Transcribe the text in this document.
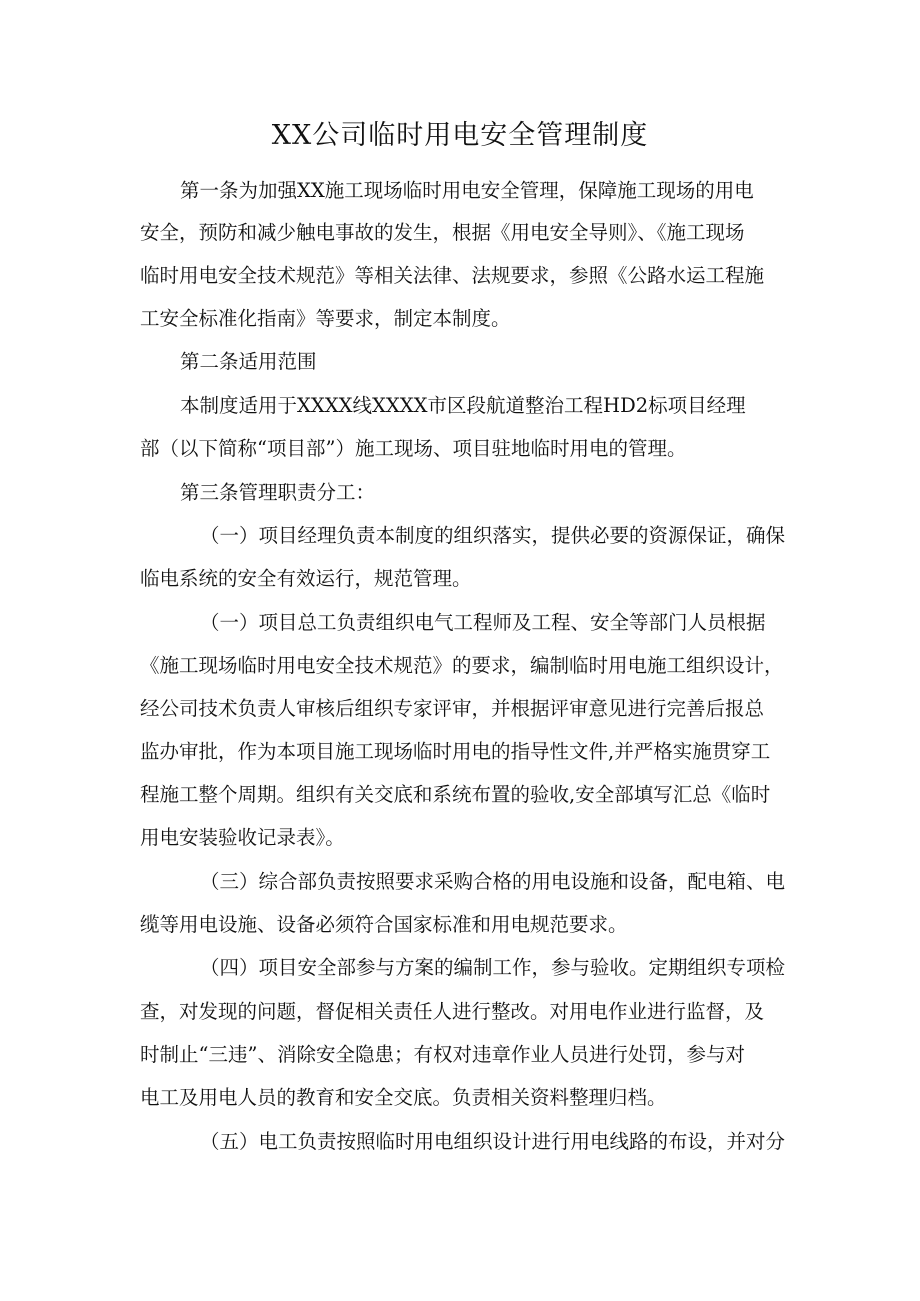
XX公司临时用电安全管理制度

第一条为加强XX施工现场临时用电安全管理，保障施工现场的用电

安全，预防和减少触电事故的发生，根据《用电安全导则》、《施工现场

临时用电安全技术规范》等相关法律、法规要求，参照《公路水运工程施

工安全标准化指南》等要求，制定本制度。

第二条适用范围

本制度适用于XXXX线XXXX市区段航道整治工程HD2标项目经理

部（以下简称“项目部”）施工现场、项目驻地临时用电的管理。

第三条管理职责分工：

（一）项目经理负责本制度的组织落实，提供必要的资源保证，确保

临电系统的安全有效运行，规范管理。

（一）项目总工负责组织电气工程师及工程、安全等部门人员根据

《施工现场临时用电安全技术规范》的要求，编制临时用电施工组织设计，

经公司技术负责人审核后组织专家评审，并根据评审意见进行完善后报总

监办审批，作为本项目施工现场临时用电的指导性文件,并严格实施贯穿工

程施工整个周期。组织有关交底和系统布置的验收,安全部填写汇总《临时

用电安装验收记录表》。

（三）综合部负责按照要求采购合格的用电设施和设备，配电箱、电

缆等用电设施、设备必须符合国家标准和用电规范要求。

（四）项目安全部参与方案的编制工作，参与验收。定期组织专项检

查，对发现的问题，督促相关责任人进行整改。对用电作业进行监督，及

时制止“三违”、消除安全隐患；有权对违章作业人员进行处罚，参与对

电工及用电人员的教育和安全交底。负责相关资料整理归档。

（五）电工负责按照临时用电组织设计进行用电线路的布设，并对分
